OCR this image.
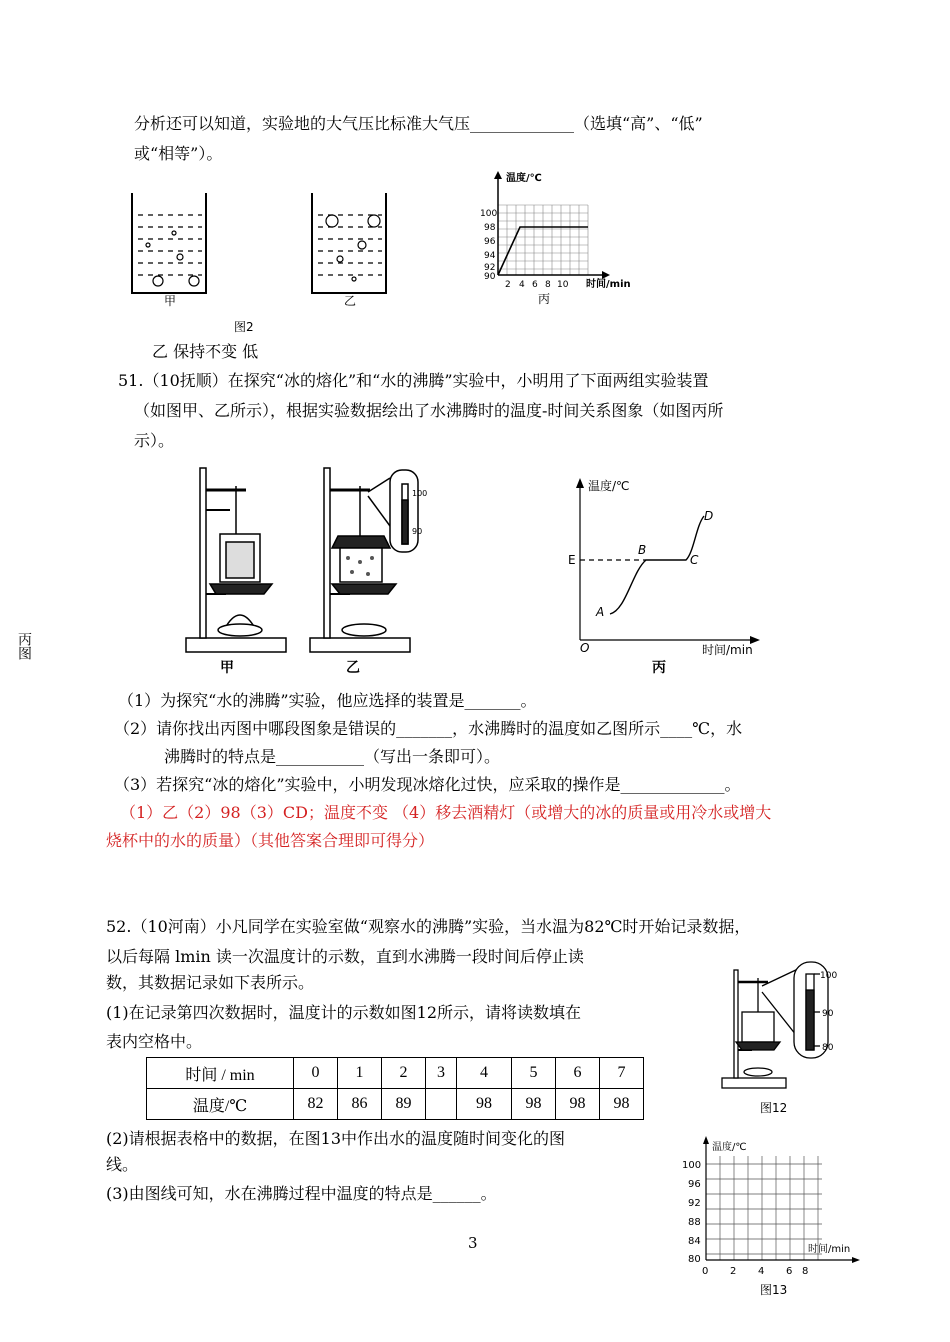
分析还可以知道，实验地的大气压比标准大气压_____________（选填“高”、“低”
或“相等”）。
甲	乙
图2
温度/℃
100
98
96
94
92
90
2 4 6 8 10 时间/min
丙
乙 保持不变 低
51.（10抚顺）在探究“冰的熔化”和“水的沸腾”实验中，小明用了下面两组实验装置
（如图甲、乙所示），根据实验数据绘出了水沸腾时的温度-时间关系图象（如图丙所
示）。
甲
100
90
乙
温度/℃
E
O
A
B
C
D
时间/min
丙
丙图
（1）为探究“水的沸腾”实验，他应选择的装置是_______。
（2）请你找出丙图中哪段图象是错误的_______，水沸腾时的温度如乙图所示____℃，水
沸腾时的特点是___________（写出一条即可）。
（3）若探究“冰的熔化”实验中，小明发现冰熔化过快，应采取的操作是_____________。
（1）乙（2）98（3）CD；温度不变 （4）移去酒精灯（或增大的冰的质量或用冷水或增大
烧杯中的水的质量）（其他答案合理即可得分）
52.（10河南）小凡同学在实验室做“观察水的沸腾”实验，当水温为82℃时开始记录数据，
以后每隔 lmin 读一次温度计的示数，直到水沸腾一段时间后停止读
数，其数据记录如下表所示。
(1)在记录第四次数据时，温度计的示数如图12所示，请将读数填在
表内空格中。
时间 / min	0	1	2	3	4	5	6	7
温度/℃	82	86	89		98	98	98	98
(2)请根据表格中的数据，在图13中作出水的温度随时间变化的图
线。
(3)由图线可知，水在沸腾过程中温度的特点是______。
100
90
80
图12
温度/℃
100
96
92
88
84
80
0 2 4 6 8
时间/min
图13
3
